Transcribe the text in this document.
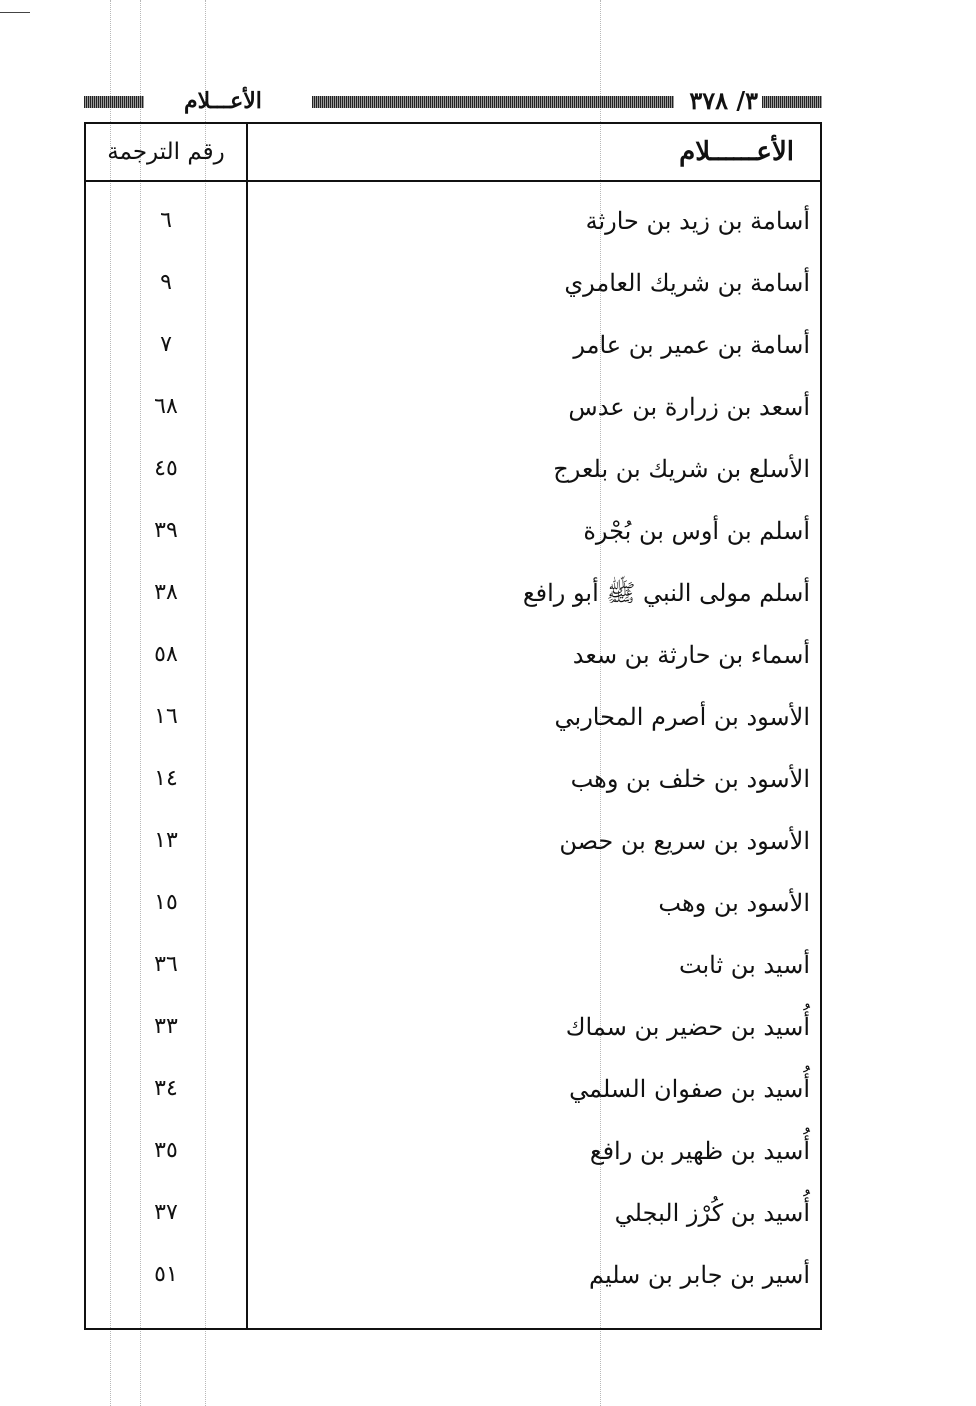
٣/ ٣٧٨
الأعـــلام
الأعــــــلام
رقم الترجمة
أسامة بن زيد بن حارثة
٦
أسامة بن شريك العامري
٩
أسامة بن عمير بن عامر
٧
أسعد بن زرارة بن عدس
٦٨
الأسلع بن شريك بن بلعرج
٤٥
أسلم بن أوس بن بُجْرة
٣٩
أسلم مولى النبي ﷺ أبو رافع
٣٨
أسماء بن حارثة بن سعد
٥٨
الأسود بن أصرم المحاربي
١٦
الأسود بن خلف بن وهب
١٤
الأسود بن سريع بن حصن
١٣
الأسود بن وهب
١٥
أسيد بن ثابت
٣٦
أُسيد بن حضير بن سماك
٣٣
أُسيد بن صفوان السلمي
٣٤
أُسيد بن ظهير بن رافع
٣٥
أُسيد بن كُرْز البجلي
٣٧
أسير بن جابر بن سليم
٥١
